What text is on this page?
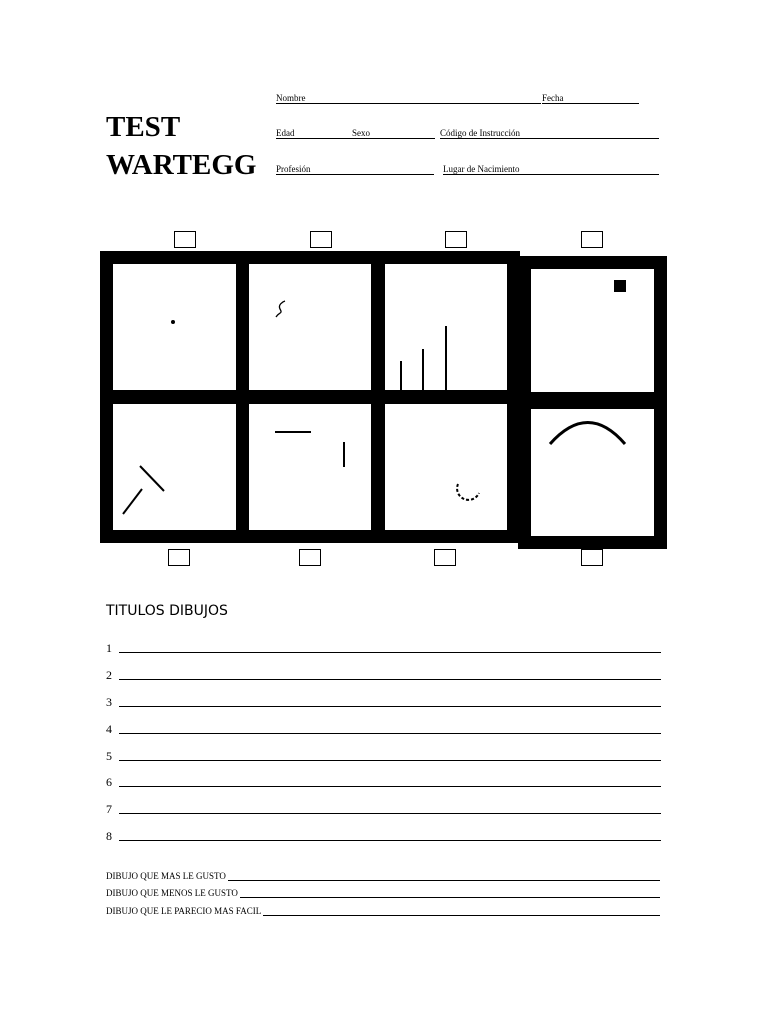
TEST
WARTEGG
Nombre	Fecha
Edad	Sexo	Código de Instrucción
Profesión	Lugar de Nacimiento
TITULOS DIBUJOS
1
2
3
4
5
6
7
8
DIBUJO QUE MAS LE GUSTO
DIBUJO QUE MENOS LE GUSTO
DIBUJO QUE LE PARECIO MAS FACIL
